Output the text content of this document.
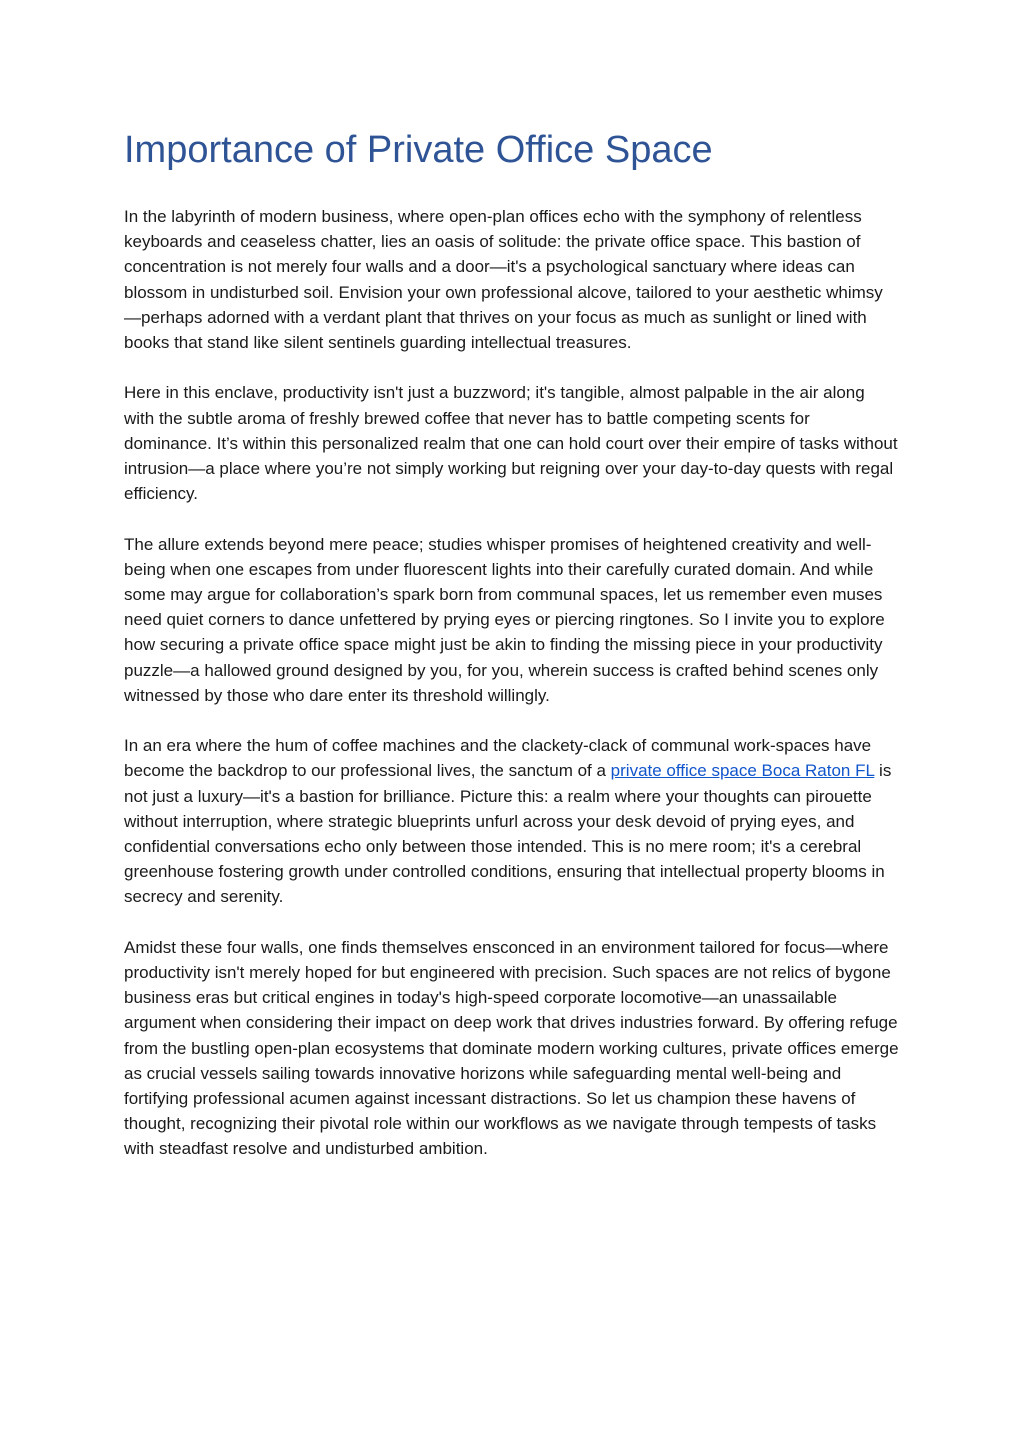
Importance of Private Office Space

In the labyrinth of modern business, where open-plan offices echo with the symphony of relentless keyboards and ceaseless chatter, lies an oasis of solitude: the private office space. This bastion of concentration is not merely four walls and a door—it's a psychological sanctuary where ideas can blossom in undisturbed soil. Envision your own professional alcove, tailored to your aesthetic whimsy—perhaps adorned with a verdant plant that thrives on your focus as much as sunlight or lined with books that stand like silent sentinels guarding intellectual treasures.

Here in this enclave, productivity isn't just a buzzword; it's tangible, almost palpable in the air along with the subtle aroma of freshly brewed coffee that never has to battle competing scents for dominance. It’s within this personalized realm that one can hold court over their empire of tasks without intrusion—a place where you’re not simply working but reigning over your day-to-day quests with regal efficiency.

The allure extends beyond mere peace; studies whisper promises of heightened creativity and well-being when one escapes from under fluorescent lights into their carefully curated domain. And while some may argue for collaboration’s spark born from communal spaces, let us remember even muses need quiet corners to dance unfettered by prying eyes or piercing ringtones. So I invite you to explore how securing a private office space might just be akin to finding the missing piece in your productivity puzzle—a hallowed ground designed by you, for you, wherein success is crafted behind scenes only witnessed by those who dare enter its threshold willingly.

In an era where the hum of coffee machines and the clackety-clack of communal work-spaces have become the backdrop to our professional lives, the sanctum of a private office space Boca Raton FL is not just a luxury—it's a bastion for brilliance. Picture this: a realm where your thoughts can pirouette without interruption, where strategic blueprints unfurl across your desk devoid of prying eyes, and confidential conversations echo only between those intended. This is no mere room; it's a cerebral greenhouse fostering growth under controlled conditions, ensuring that intellectual property blooms in secrecy and serenity.

Amidst these four walls, one finds themselves ensconced in an environment tailored for focus—where productivity isn't merely hoped for but engineered with precision. Such spaces are not relics of bygone business eras but critical engines in today's high-speed corporate locomotive—an unassailable argument when considering their impact on deep work that drives industries forward. By offering refuge from the bustling open-plan ecosystems that dominate modern working cultures, private offices emerge as crucial vessels sailing towards innovative horizons while safeguarding mental well-being and fortifying professional acumen against incessant distractions. So let us champion these havens of thought, recognizing their pivotal role within our workflows as we navigate through tempests of tasks with steadfast resolve and undisturbed ambition.
